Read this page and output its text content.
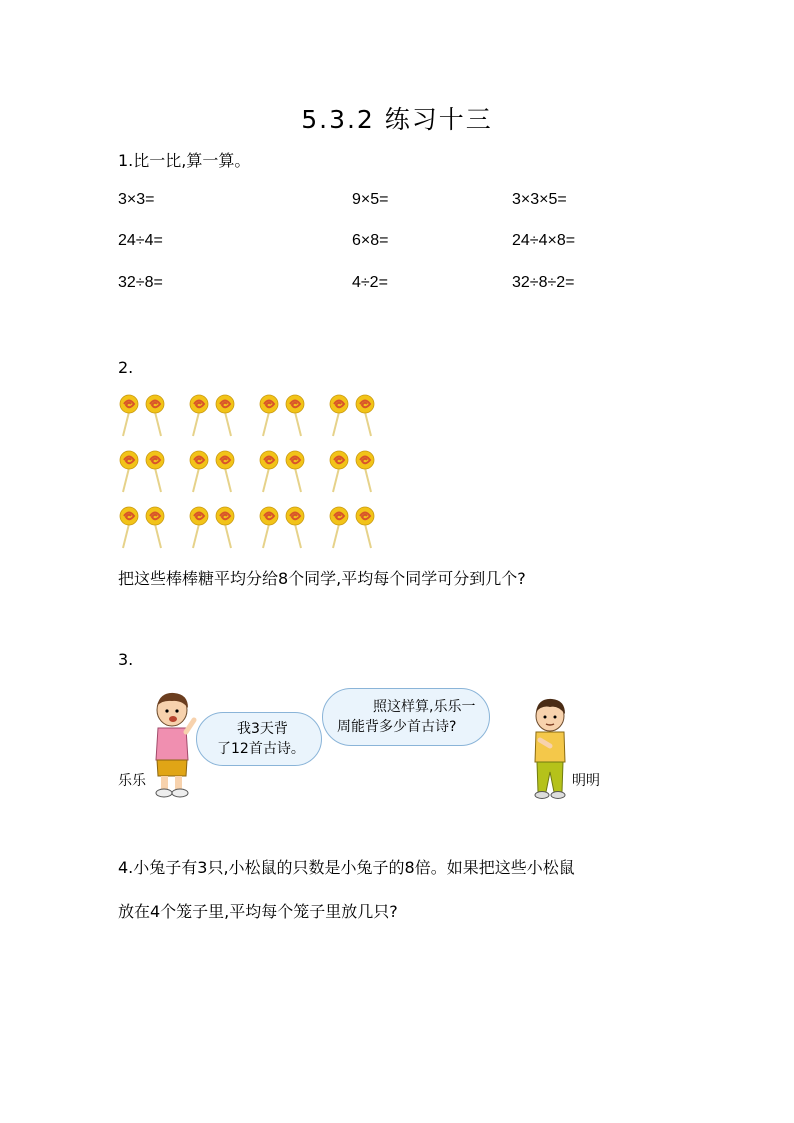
5.3.2 练习十三
1.比一比,算一算。
3×3=	9×5=	3×3×5=
24÷4=	6×8=	24÷4×8=
32÷8=	4÷2=	32÷8÷2=
2.
把这些棒棒糖平均分给8个同学,平均每个同学可分到几个?
3.
乐乐
我3天背
了12首古诗。
照这样算,乐乐一
周能背多少首古诗?
明明
4.小兔子有3只,小松鼠的只数是小兔子的8倍。如果把这些小松鼠
放在4个笼子里,平均每个笼子里放几只?
